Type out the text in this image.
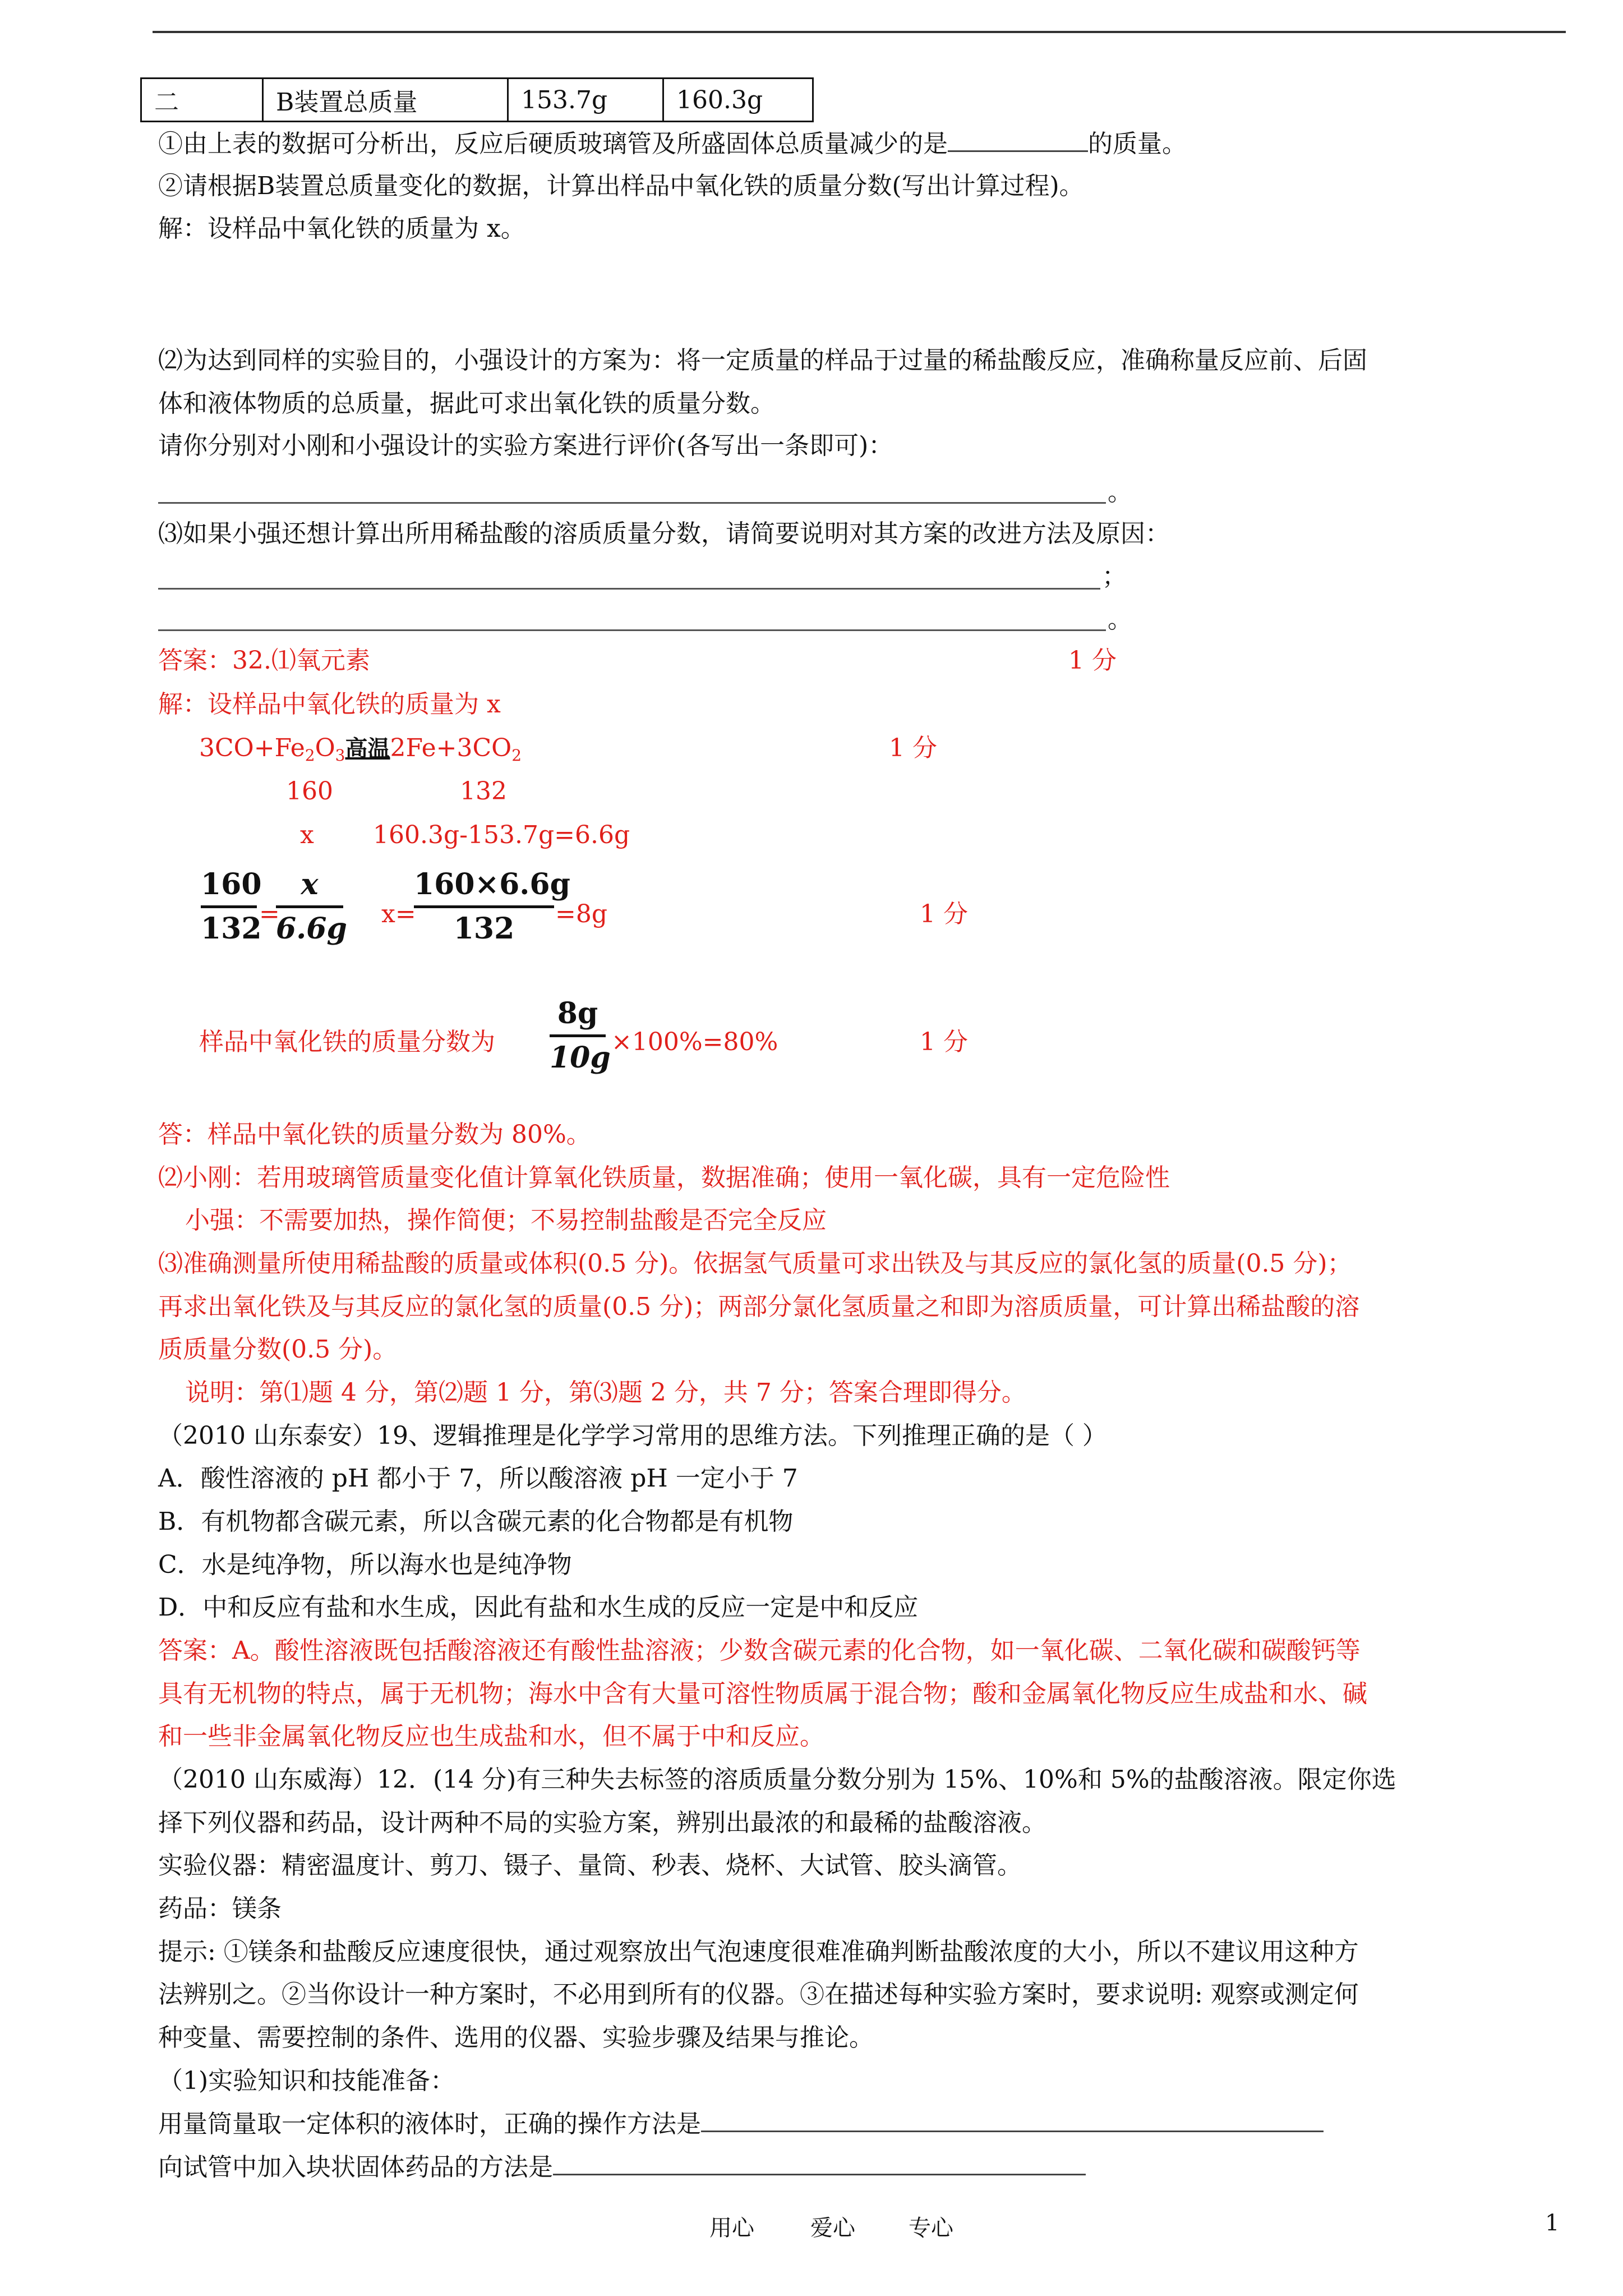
二	B装置总质量	153.7g	160.3g
①由上表的数据可分析出，反应后硬质玻璃管及所盛固体总质量减少的是	的质量。
②请根据B装置总质量变化的数据，计算出样品中氧化铁的质量分数(写出计算过程)。
解：设样品中氧化铁的质量为 x。
⑵为达到同样的实验目的，小强设计的方案为：将一定质量的样品于过量的稀盐酸反应，准确称量反应前、后固
体和液体物质的总质量，据此可求出氧化铁的质量分数。
请你分别对小刚和小强设计的实验方案进行评价(各写出一条即可)：
。
⑶如果小强还想计算出所用稀盐酸的溶质质量分数，请简要说明对其方案的改进方法及原因：
；
。
答案：32.⑴氧元素	1 分
解：设样品中氧化铁的质量为 x
$3CO+Fe_2O_3$高温$2Fe+3CO_2$	1 分
160	132
x 160.3g-153.7g=6.6g
160
132
=
x
6.6g x=
160×6.6g
132	=8g	1 分
样品中氧化铁的质量分数为
8g
10g ×100%=80%	1 分
答：样品中氧化铁的质量分数为 80%。
⑵小刚：若用玻璃管质量变化值计算氧化铁质量，数据准确；使用一氧化碳，具有一定危险性
小强：不需要加热，操作简便；不易控制盐酸是否完全反应
⑶准确测量所使用稀盐酸的质量或体积(0.5 分)。依据氢气质量可求出铁及与其反应的氯化氢的质量(0.5 分)；
再求出氧化铁及与其反应的氯化氢的质量(0.5 分)；两部分氯化氢质量之和即为溶质质量，可计算出稀盐酸的溶
质质量分数(0.5 分)。
说明：第⑴题 4 分，第⑵题 1 分，第⑶题 2 分，共 7 分；答案合理即得分。
（2010 山东泰安）19、逻辑推理是化学学习常用的思维方法。下列推理正确的是（ ）
A．酸性溶液的 pH 都小于 7，所以酸溶液 pH 一定小于 7
B．有机物都含碳元素，所以含碳元素的化合物都是有机物
C．水是纯净物，所以海水也是纯净物
D．中和反应有盐和水生成，因此有盐和水生成的反应一定是中和反应
答案：A。酸性溶液既包括酸溶液还有酸性盐溶液；少数含碳元素的化合物，如一氧化碳、二氧化碳和碳酸钙等
具有无机物的特点，属于无机物；海水中含有大量可溶性物质属于混合物；酸和金属氧化物反应生成盐和水、碱
和一些非金属氧化物反应也生成盐和水，但不属于中和反应。
（2010 山东威海）12．(14 分)有三种失去标签的溶质质量分数分别为 15%、10%和 5%的盐酸溶液。限定你选
择下列仪器和药品，设计两种不局的实验方案，辨别出最浓的和最稀的盐酸溶液。
实验仪器：精密温度计、剪刀、镊子、量筒、秒表、烧杯、大试管、胶头滴管。
药品：镁条
提示: ①镁条和盐酸反应速度很快，通过观察放出气泡速度很难准确判断盐酸浓度的大小，所以不建议用这种方
法辨别之。②当你设计一种方案时，不必用到所有的仪器。③在描述每种实验方案时，要求说明: 观察或测定何
种变量、需要控制的条件、选用的仪器、实验步骤及结果与推论。
（1)实验知识和技能准备：
用量筒量取一定体积的液体时，正确的操作方法是
向试管中加入块状固体药品的方法是
用心	爱心 专心	1
